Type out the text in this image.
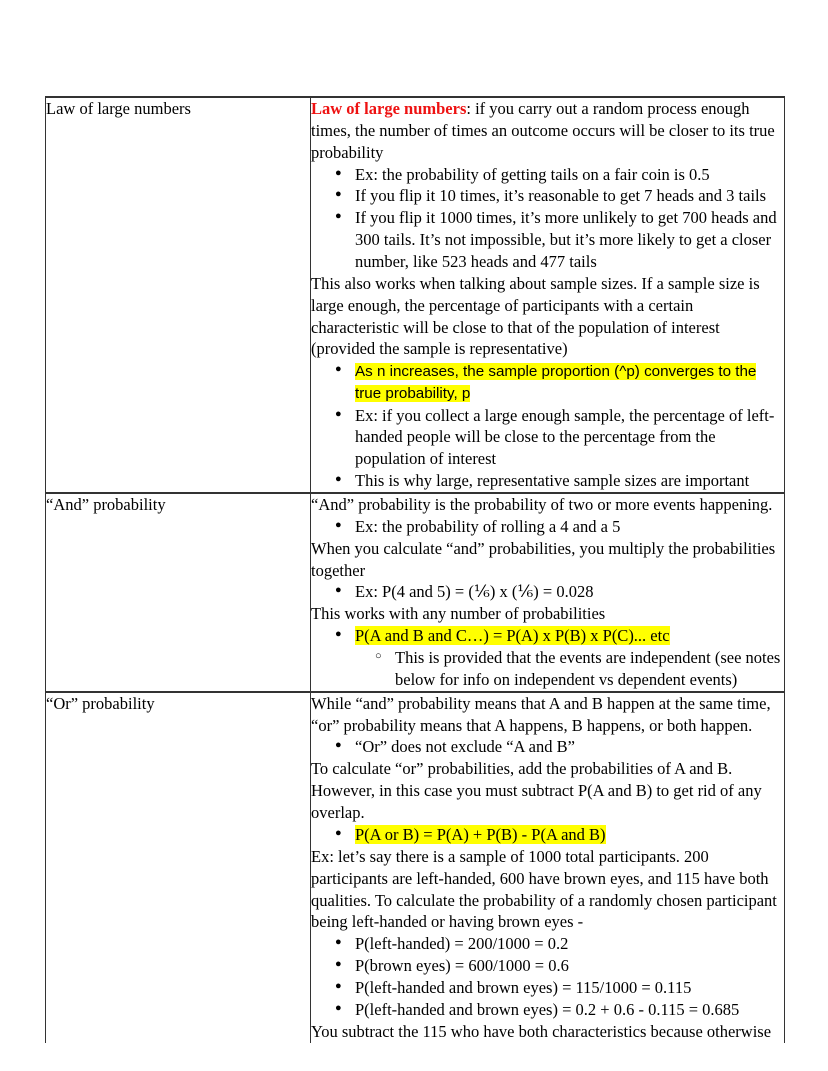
Law of large numbers	Law of large numbers: if you carry out a random process enough times, the number of times an outcome occurs will be closer to its true probability

● Ex: the probability of getting tails on a fair coin is 0.5
● If you flip it 10 times, it’s reasonable to get 7 heads and 3 tails
● If you flip it 1000 times, it’s more unlikely to get 700 heads and 300 tails. It’s not impossible, but it’s more likely to get a closer number, like 523 heads and 477 tails

This also works when talking about sample sizes. If a sample size is large enough, the percentage of participants with a certain characteristic will be close to that of the population of interest (provided the sample is representative)

● As n increases, the sample proportion (^p) converges to the true probability, p
● Ex: if you collect a large enough sample, the percentage of left-handed people will be close to the percentage from the population of interest
● This is why large, representative sample sizes are important

“And” probability	“And” probability is the probability of two or more events happening.

● Ex: the probability of rolling a 4 and a 5

When you calculate “and” probabilities, you multiply the probabilities together

● Ex: P(4 and 5) = (⅙) x (⅙) = 0.028

This works with any number of probabilities

● P(A and B and C…) = P(A) x P(B) x P(C)... etc
○ This is provided that the events are independent (see notes below for info on independent vs dependent events)

“Or” probability	While “and” probability means that A and B happen at the same time, “or” probability means that A happens, B happens, or both happen.

● “Or” does not exclude “A and B”

To calculate “or” probabilities, add the probabilities of A and B. However, in this case you must subtract P(A and B) to get rid of any overlap.

● P(A or B) = P(A) + P(B) - P(A and B)

Ex: let’s say there is a sample of 1000 total participants. 200 participants are left-handed, 600 have brown eyes, and 115 have both qualities. To calculate the probability of a randomly chosen participant being left-handed or having brown eyes -

● P(left-handed) = 200/1000 = 0.2
● P(brown eyes) = 600/1000 = 0.6
● P(left-handed and brown eyes) = 115/1000 = 0.115
● P(left-handed and brown eyes) = 0.2 + 0.6 - 0.115 = 0.685

You subtract the 115 who have both characteristics because otherwise
